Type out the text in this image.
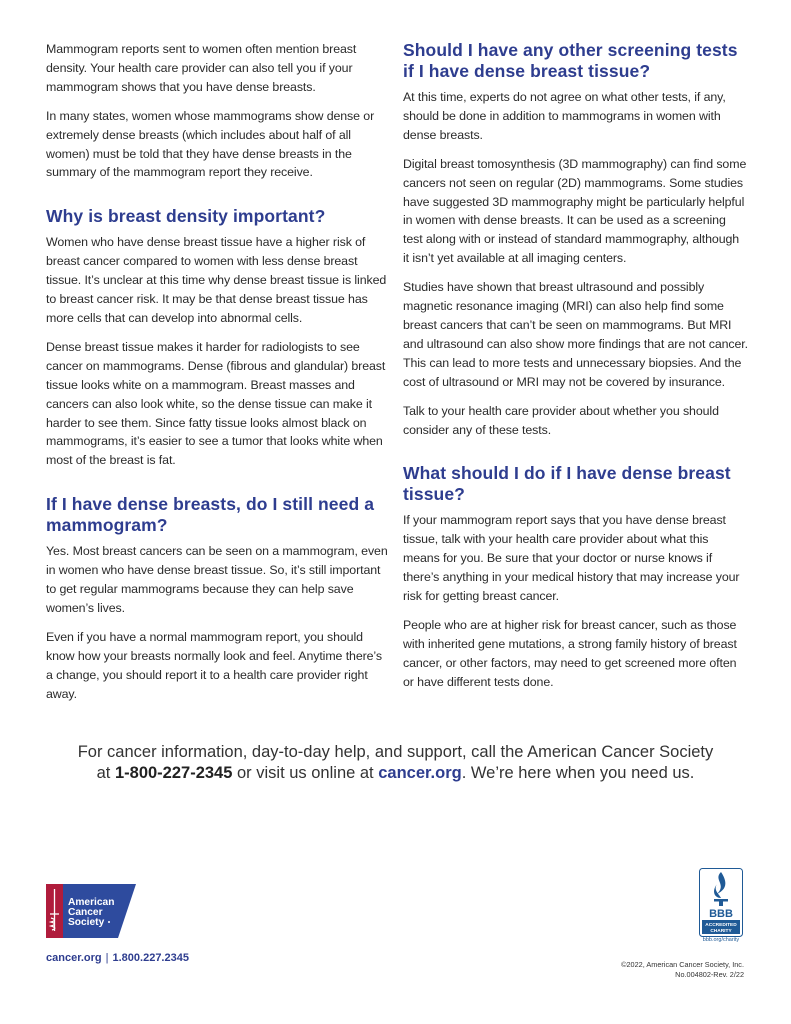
Mammogram reports sent to women often mention breast density. Your health care provider can also tell you if your mammogram shows that you have dense breasts.

In many states, women whose mammograms show dense or extremely dense breasts (which includes about half of all women) must be told that they have dense breasts in the summary of the mammogram report they receive.

Why is breast density important?

Women who have dense breast tissue have a higher risk of breast cancer compared to women with less dense breast tissue. It’s unclear at this time why dense breast tissue is linked to breast cancer risk. It may be that dense breast tissue has more cells that can develop into abnormal cells.

Dense breast tissue makes it harder for radiologists to see cancer on mammograms. Dense (fibrous and glandular) breast tissue looks white on a mammogram. Breast masses and cancers can also look white, so the dense tissue can make it harder to see them. Since fatty tissue looks almost black on mammograms, it’s easier to see a tumor that looks white when most of the breast is fat.

If I have dense breasts, do I still need a mammogram?

Yes. Most breast cancers can be seen on a mammogram, even in women who have dense breast tissue. So, it’s still important to get regular mammograms because they can help save women’s lives.

Even if you have a normal mammogram report, you should know how your breasts normally look and feel. Anytime there’s a change, you should report it to a health care provider right away.

Should I have any other screening tests if I have dense breast tissue?

At this time, experts do not agree on what other tests, if any, should be done in addition to mammograms in women with dense breasts.

Digital breast tomosynthesis (3D mammography) can find some cancers not seen on regular (2D) mammograms. Some studies have suggested 3D mammography might be particularly helpful in women with dense breasts. It can be used as a screening test along with or instead of standard mammography, although it isn’t yet available at all imaging centers.

Studies have shown that breast ultrasound and possibly magnetic resonance imaging (MRI) can also help find some breast cancers that can’t be seen on mammograms. But MRI and ultrasound can also show more findings that are not cancer. This can lead to more tests and unnecessary biopsies. And the cost of ultrasound or MRI may not be covered by insurance.

Talk to your health care provider about whether you should consider any of these tests.

What should I do if I have dense breast tissue?

If your mammogram report says that you have dense breast tissue, talk with your health care provider about what this means for you. Be sure that your doctor or nurse knows if there’s anything in your medical history that may increase your risk for getting breast cancer.

People who are at higher risk for breast cancer, such as those with inherited gene mutations, a strong family history of breast cancer, or other factors, may need to get screened more often or have different tests done.

For cancer information, day-to-day help, and support, call the American Cancer Society
at 1-800-227-2345 or visit us online at cancer.org. We’re here when you need us.
American
Cancer
Society
cancer.org | 1.800.227.2345
BBB
ACCREDITED
CHARITY
bbb.org/charity
©2022, American Cancer Society, Inc.
No.004802-Rev. 2/22
